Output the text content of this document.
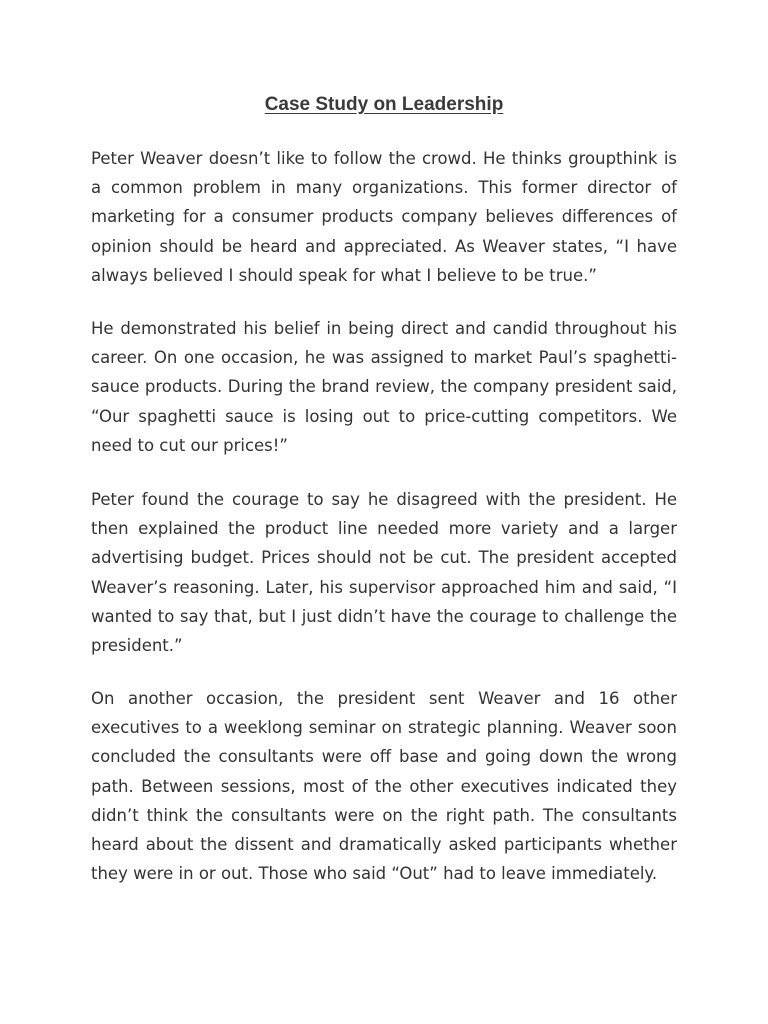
Case Study on Leadership

Peter Weaver doesn’t like to follow the crowd. He thinks groupthink is a common problem in many organizations. This former director of marketing for a consumer products company believes differences of opinion should be heard and appreciated. As Weaver states, “I have always believed I should speak for what I believe to be true.”

He demonstrated his belief in being direct and candid throughout his career. On one occasion, he was assigned to market Paul’s spaghetti-sauce products. During the brand review, the company president said, “Our spaghetti sauce is losing out to price-cutting competitors. We need to cut our prices!”

Peter found the courage to say he disagreed with the president. He then explained the product line needed more variety and a larger advertising budget. Prices should not be cut. The president accepted Weaver’s reasoning. Later, his supervisor approached him and said, “I wanted to say that, but I just didn’t have the courage to challenge the president.”

On another occasion, the president sent Weaver and 16 other executives to a weeklong seminar on strategic planning. Weaver soon concluded the consultants were off base and going down the wrong path. Between sessions, most of the other executives indicated they didn’t think the consultants were on the right path. The consultants heard about the dissent and dramatically asked participants whether they were in or out. Those who said “Out” had to leave immediately.
